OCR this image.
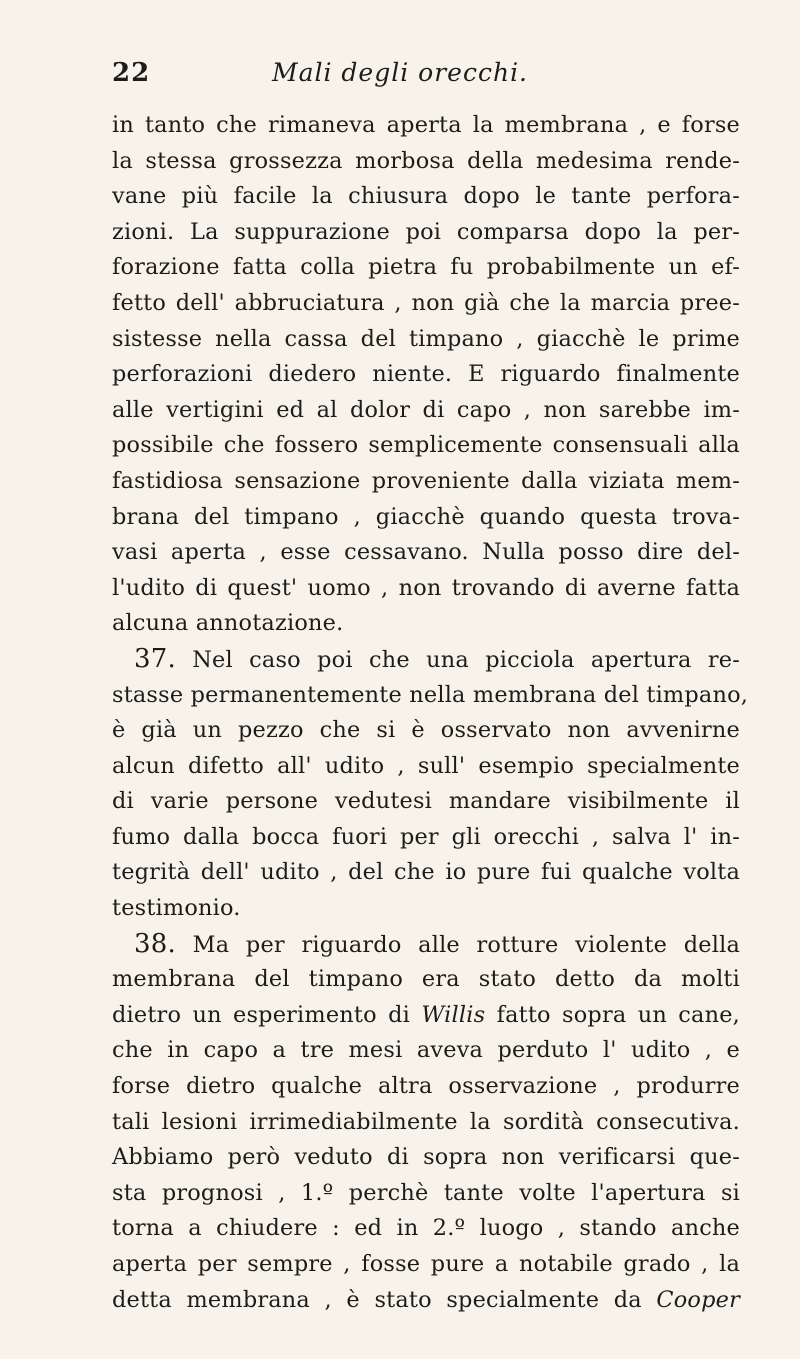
22	Mali degli orecchi.
in tanto che rimaneva aperta la membrana , e forse
la stessa grossezza morbosa della medesima rende-
vane più facile la chiusura dopo le tante perfora-
zioni. La suppurazione poi comparsa dopo la per-
forazione fatta colla pietra fu probabilmente un ef-
fetto dell' abbruciatura , non già che la marcia pree-
sistesse nella cassa del timpano , giacchè le prime
perforazioni diedero niente. E riguardo finalmente
alle vertigini ed al dolor di capo , non sarebbe im-
possibile che fossero semplicemente consensuali alla
fastidiosa sensazione proveniente dalla viziata mem-
brana del timpano , giacchè quando questa trova-
vasi aperta , esse cessavano. Nulla posso dire del-
l'udito di quest' uomo , non trovando di averne fatta
alcuna annotazione.
37. Nel caso poi che una picciola apertura re-
stasse permanentemente nella membrana del timpano,
è già un pezzo che si è osservato non avvenirne
alcun difetto all' udito , sull' esempio specialmente
di varie persone vedutesi mandare visibilmente il
fumo dalla bocca fuori per gli orecchi , salva l' in-
tegrità dell' udito , del che io pure fui qualche volta
testimonio.
38. Ma per riguardo alle rotture violente della
membrana del timpano era stato detto da molti
dietro un esperimento di Willis fatto sopra un cane,
che in capo a tre mesi aveva perduto l' udito , e
forse dietro qualche altra osservazione , produrre
tali lesioni irrimediabilmente la sordità consecutiva.
Abbiamo però veduto di sopra non verificarsi que-
sta prognosi , 1.º perchè tante volte l'apertura si
torna a chiudere : ed in 2.º luogo , stando anche
aperta per sempre , fosse pure a notabile grado , la
detta membrana , è stato specialmente da Cooper
